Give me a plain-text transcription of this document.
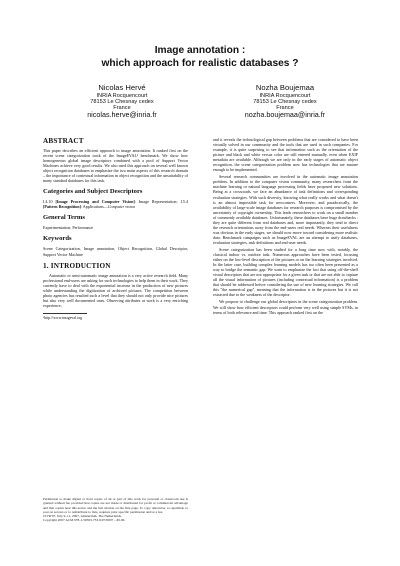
Image annotation :
which approach for realistic databases ?
Nicolas Hervé
INRIA Rocquencourt
78153 Le Chesnay cedex
France
nicolas.herve@inria.fr
Nozha Boujemaa
INRIA Rocquencourt
78153 Le Chesnay cedex
France
nozha.boujemaa@inria.fr
ABSTRACT

This paper describes an efficient approach to image annotation. It ranked first on the recent scene categorization track of the ImageEVAL¹ benchmark. We show how homogeneous global image descriptors combined with a pool of Support Vector Machines achieve very good results. We also used this approach on several well known object recognition databases to emphasize the two main aspects of this research domain – the importance of contextual information in object recognition and the unsuitability of many standard databases for this task.

Categories and Subject Descriptors

I.4.10 [Image Processing and Computer Vision]: Image Representation; I.5.4 [Pattern Recognition]: Applications—Computer vision

General Terms

Experimentation, Performance

Keywords

Scene Categorization, Image annotation, Object Recognition, Global Descriptor, Support Vector Machine

1. INTRODUCTION

Automatic or semi-automatic image annotation is a very active research field. Many professional end-users are asking for such technologies to help them in their work. They currently have to deal with the exponential increase in the production of new pictures while understanding the digitization of archived pictures. The competition between photo agencies has resulted such a level that they should not only provide nice pictures but also very well documented ones. Observing attributes at work is a very enriching experience,

¹http://www.imageval.org
Permission to make digital or hard copies of all or part of this work for personal or classroom use is granted without fee provided that copies are not made or distributed for profit or commercial advantage and that copies bear this notice and the full citation on the first page. To copy otherwise, to republish, to post on servers or to redistribute to lists, requires prior specific permission and/or a fee.
CIVR'07, July 9–11, 2007, Amsterdam, The Netherlands.
Copyright 2007 ACM 978-1-59593-733-9/07/0007 ...$5.00.

and it reveals the technological gap between problems that are considered to have been virtually solved in our community and the tools that are used in such companies. For example, it is quite surprising to see that information such as the orientation of the picture and black and white versus color are still entered manually, even when EXIF metadata are available. Although we are only in the early stages of automatic object recognition, the scene categorization problem now has technologies that are mature enough to be implemented.

Several research communities are involved in the automatic image annotation problem. In addition to the computer vision community, many researchers from the machine learning or natural language processing fields have proposed new solutions. Being at a crossroads, we face an abundance of task definitions and corresponding evaluation strategies. With such diversity, knowing what really works and what doesn't is an almost impossible task for newcomers. Moreover, and paradoxically, the availability of large-scale image databases for research purposes is compromised by the uncertainty of copyright ownership. This leads researchers to work on a small number of commonly available databases. Unfortunately, these databases have huge drawbacks : they are quite different from real databases and, more importantly, they tend to direct the research orientations away from the end-users real needs. Whereas their usefulness was obvious in the early stages, we should now move toward considering more realistic data. Benchmark campaigns such as ImageEVAL are an attempt to unify databases, evaluation strategies, task definitions and end-user needs.

Scene categorization has been studied for a long time now with, notably, the classical indoor vs. outdoor task. Numerous approaches have been tested, focusing either on the low-level description of the pictures or on the learning strategies involved. In the latter case, building complex learning models has too often been presented as a way to bridge the semantic gap. We want to emphasize the fact that using off-the-shelf visual descriptors that are not appropriate for a given task or that are not able to capture all the visual information of pictures (including contextual information) is a problem that should be addressed before considering the use of new learning strategies. We call this "the numerical gap", meaning that the information is in the pictures but it is not extracted due to the weakness of the descriptor.

We propose to challenge our global descriptors in the scene categorization problem. We will show how efficient descriptors could perform very well using simple SVMs, in terms of both relevance and time. This approach ranked first on the
